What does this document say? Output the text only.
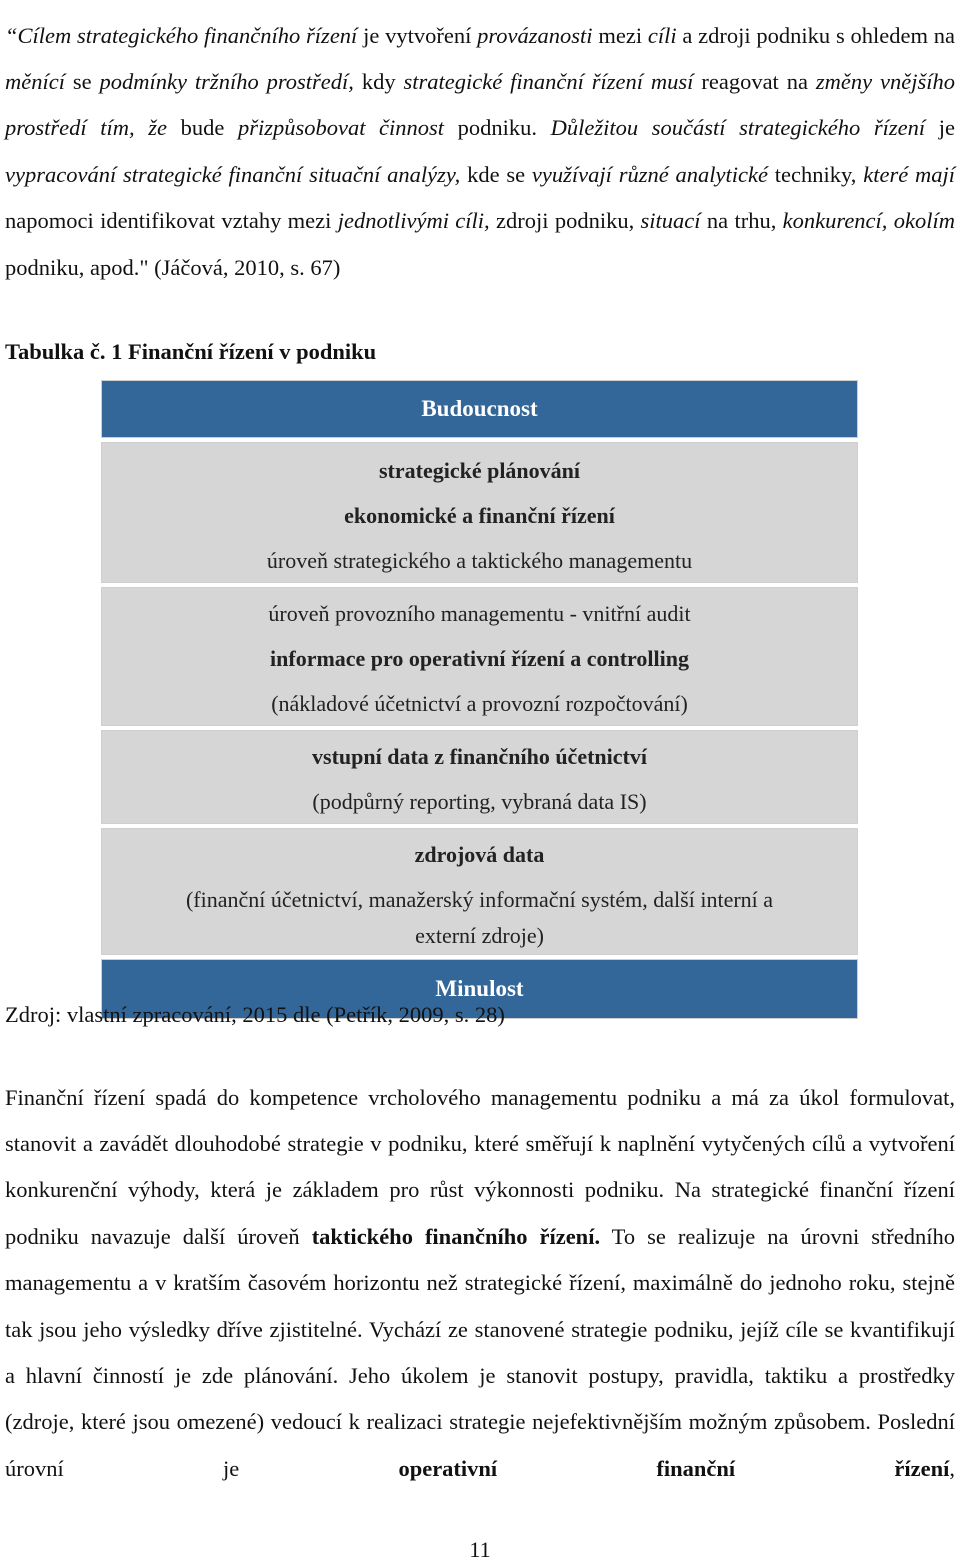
“Cílem strategického finančního řízení je vytvoření provázanosti mezi cíli a zdroji podniku s ohledem na měnící se podmínky tržního prostředí, kdy strategické finanční řízení musí reagovat na změny vnějšího prostředí tím, že bude přizpůsobovat činnost podniku. Důležitou součástí strategického řízení je vypracování strategické finanční situační analýzy, kde se využívají různé analytické techniky, které mají napomoci identifikovat vztahy mezi jednotlivými cíli, zdroji podniku, situací na trhu, konkurencí, okolím podniku, apod." (Jáčová, 2010, s. 67)

Tabulka č. 1 Finanční řízení v podniku

Budoucnost
strategické plánování
ekonomické a finanční řízení
úroveň strategického a taktického managementu
úroveň provozního managementu - vnitřní audit
informace pro operativní řízení a controlling
(nákladové účetnictví a provozní rozpočtování)
vstupní data z finančního účetnictví
(podpůrný reporting, vybraná data IS)
zdrojová data
(finanční účetnictví, manažerský informační systém, další interní a
externí zdroje)
Minulost

Zdroj: vlastní zpracování, 2015 dle (Petřík, 2009, s. 28)

Finanční řízení spadá do kompetence vrcholového managementu podniku a má za úkol formulovat, stanovit a zavádět dlouhodobé strategie v podniku, které směřují k naplnění vytyčených cílů a vytvoření konkurenční výhody, která je základem pro růst výkonnosti podniku. Na strategické finanční řízení podniku navazuje další úroveň taktického finančního řízení. To se realizuje na úrovni středního managementu a v kratším časovém horizontu než strategické řízení, maximálně do jednoho roku, stejně tak jsou jeho výsledky dříve zjistitelné. Vychází ze stanovené strategie podniku, jejíž cíle se kvantifikují a hlavní činností je zde plánování. Jeho úkolem je stanovit postupy, pravidla, taktiku a prostředky (zdroje, které jsou omezené) vedoucí k realizaci strategie nejefektivnějším možným způsobem. Poslední úrovní je operativní finanční řízení,

11
